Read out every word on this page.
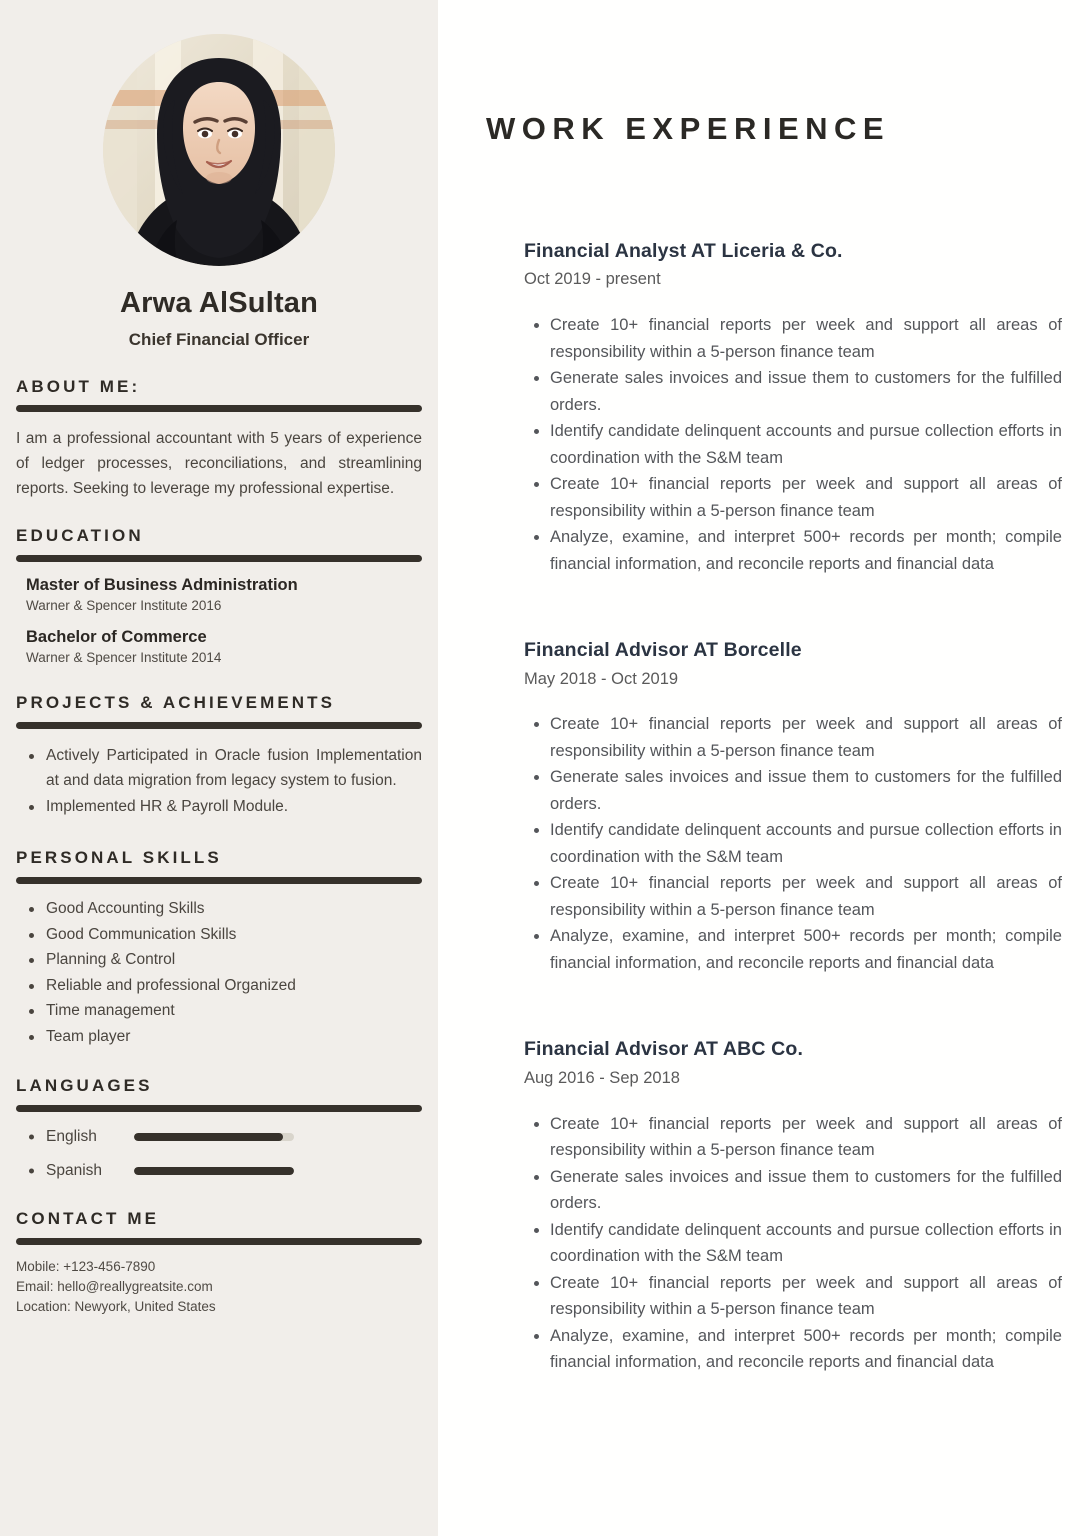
Arwa AlSultan
Chief Financial Officer
ABOUT ME:
I am a professional accountant with 5 years of experience of ledger processes, reconciliations, and streamlining reports. Seeking to leverage my professional expertise.
EDUCATION
Master of Business Administration
Warner & Spencer Institute 2016
Bachelor of Commerce
Warner & Spencer Institute 2014
PROJECTS & ACHIEVEMENTS
Actively Participated in Oracle fusion Implementation at and data migration from legacy system to fusion.
Implemented HR & Payroll Module.
PERSONAL SKILLS
Good Accounting Skills
Good Communication Skills
Planning & Control
Reliable and professional Organized
Time management
Team player
LANGUAGES
English
Spanish
CONTACT ME
Mobile: +123-456-7890
Email: hello@reallygreatsite.com
Location: Newyork, United States
WORK EXPERIENCE
Financial Analyst AT Liceria & Co.
Oct 2019 - present
Create 10+ financial reports per week and support all areas of responsibility within a 5-person finance team
Generate sales invoices and issue them to customers for the fulfilled orders.
Identify candidate delinquent accounts and pursue collection efforts in coordination with the S&M team
Create 10+ financial reports per week and support all areas of responsibility within a 5-person finance team
Analyze, examine, and interpret 500+ records per month; compile financial information, and reconcile reports and financial data
Financial Advisor AT Borcelle
May 2018 - Oct 2019
Create 10+ financial reports per week and support all areas of responsibility within a 5-person finance team
Generate sales invoices and issue them to customers for the fulfilled orders.
Identify candidate delinquent accounts and pursue collection efforts in coordination with the S&M team
Create 10+ financial reports per week and support all areas of responsibility within a 5-person finance team
Analyze, examine, and interpret 500+ records per month; compile financial information, and reconcile reports and financial data
Financial Advisor AT ABC Co.
Aug 2016 - Sep 2018
Create 10+ financial reports per week and support all areas of responsibility within a 5-person finance team
Generate sales invoices and issue them to customers for the fulfilled orders.
Identify candidate delinquent accounts and pursue collection efforts in coordination with the S&M team
Create 10+ financial reports per week and support all areas of responsibility within a 5-person finance team
Analyze, examine, and interpret 500+ records per month; compile financial information, and reconcile reports and financial data
